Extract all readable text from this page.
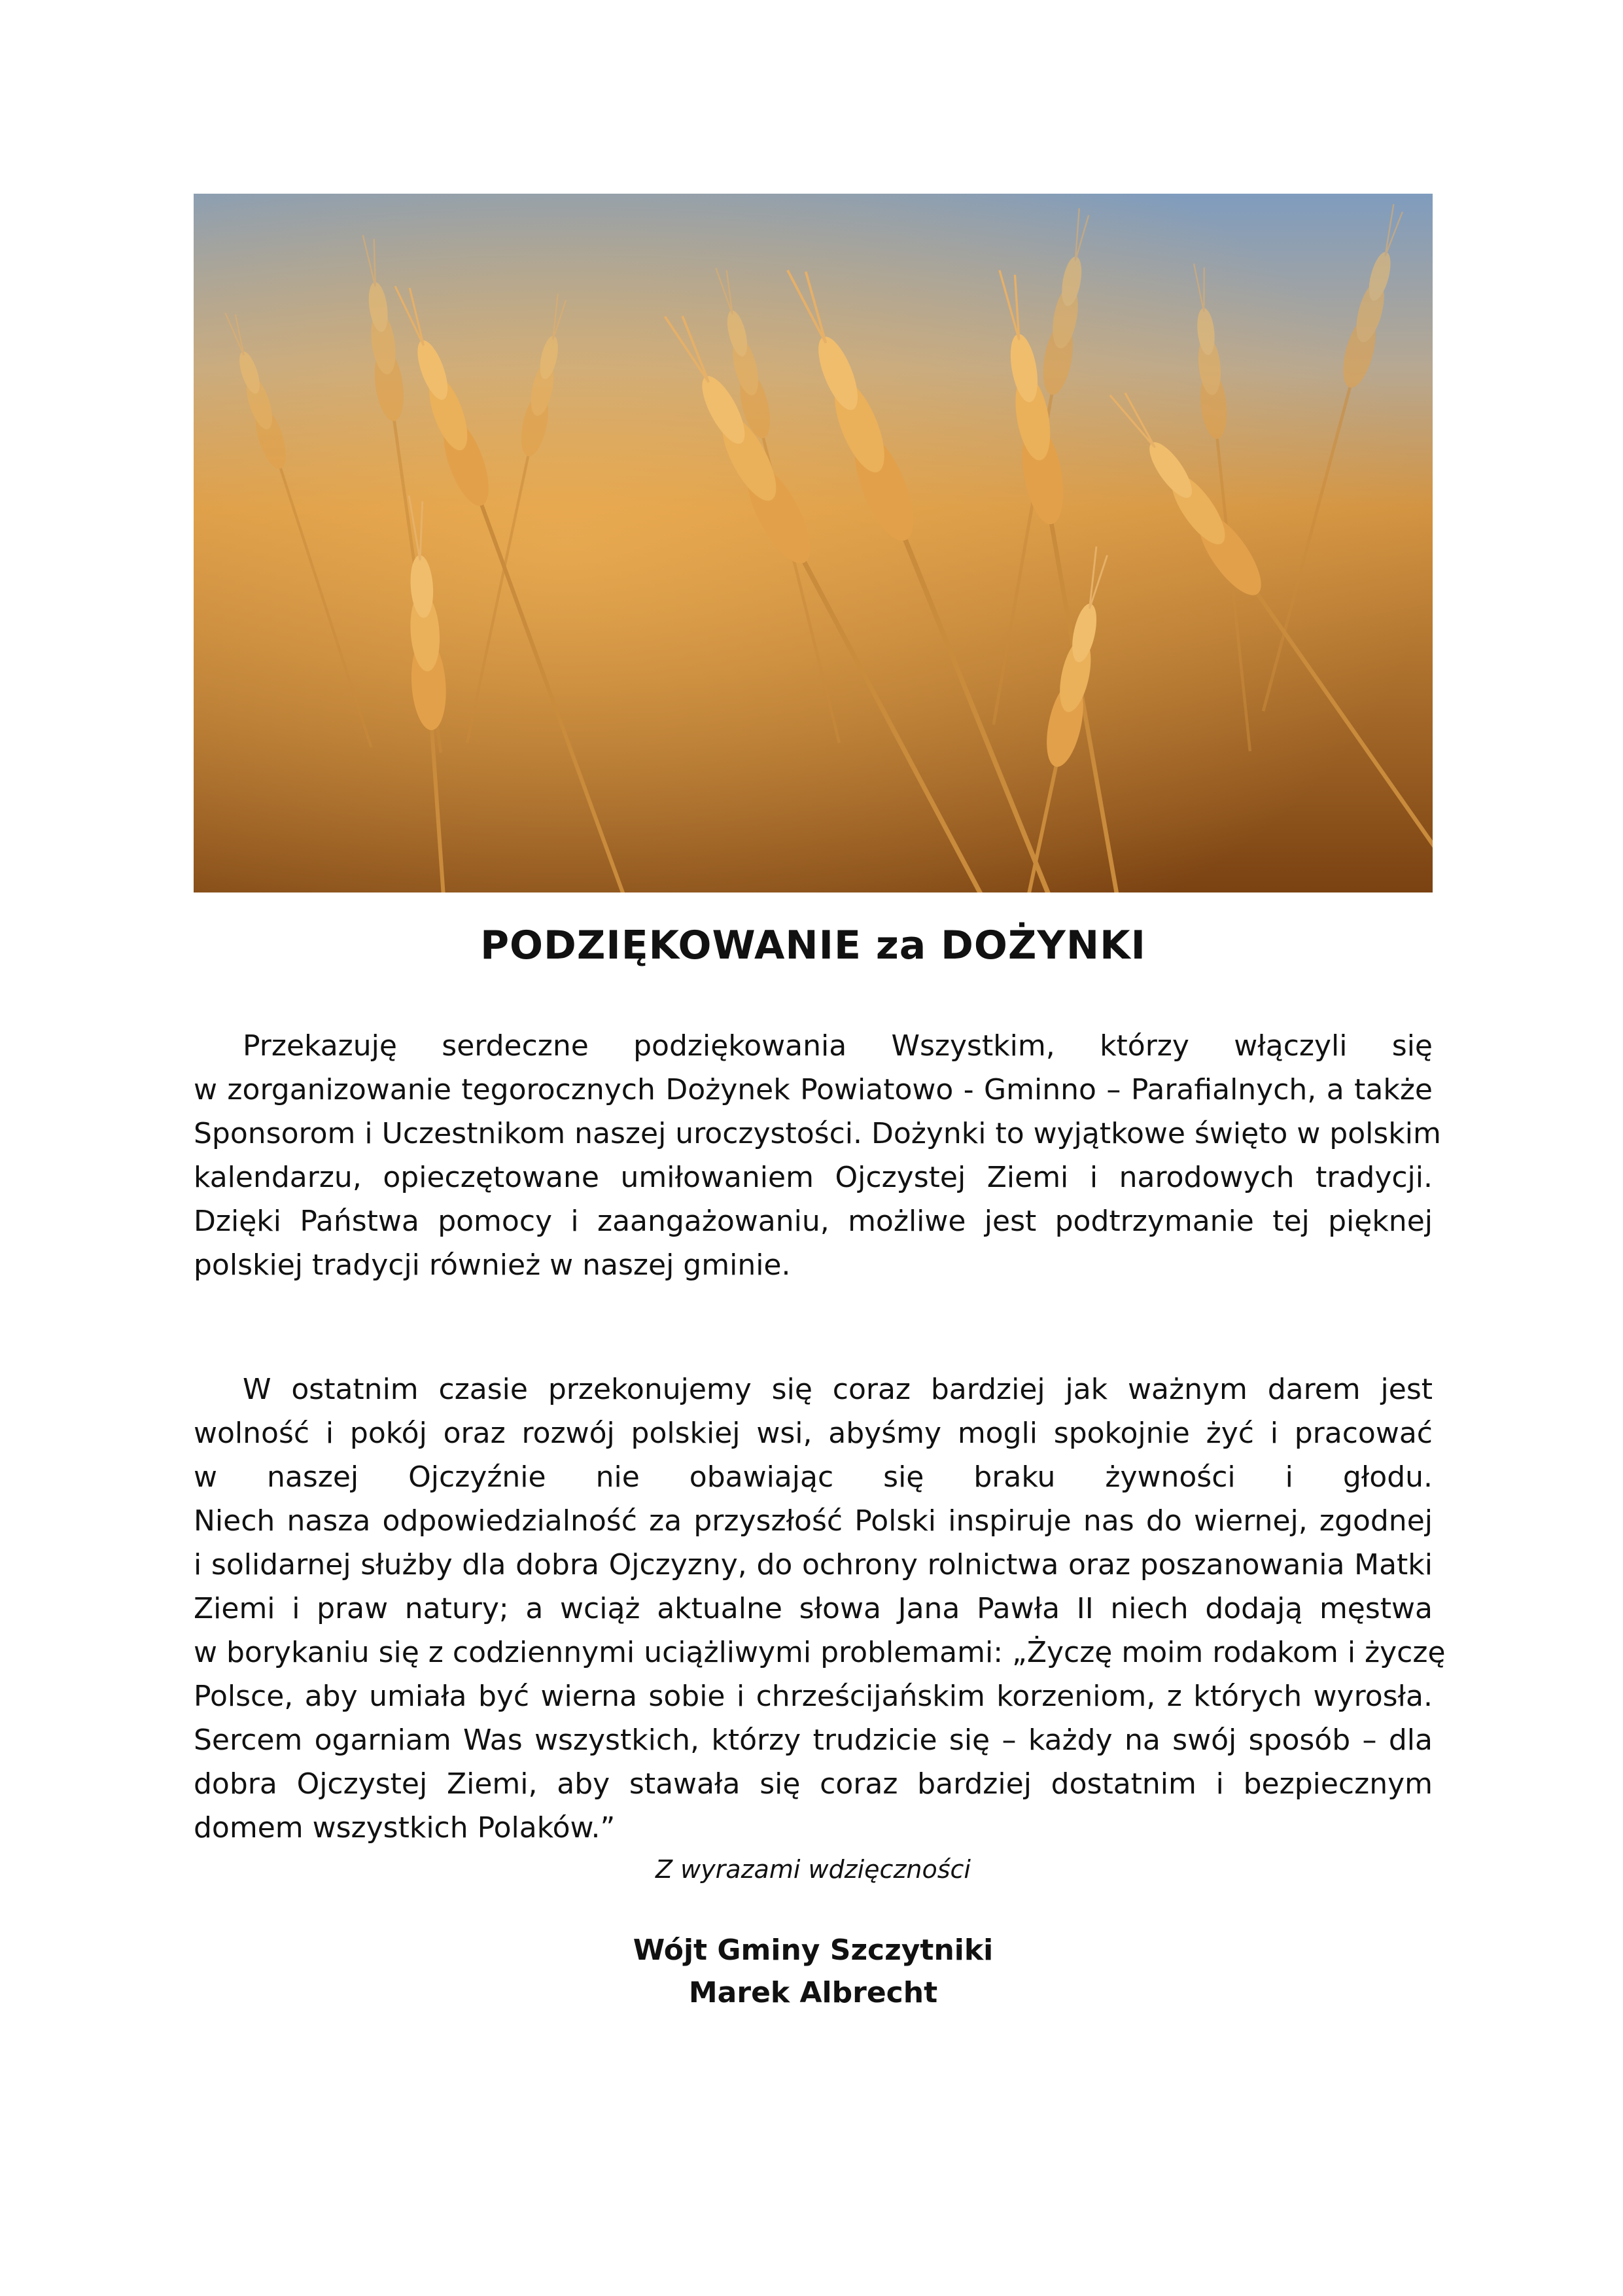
PODZIĘKOWANIE za DOŻYNKI

Przekazuję serdeczne podziękowania Wszystkim, którzy włączyli się
w zorganizowanie tegorocznych Dożynek Powiatowo - Gminno – Parafialnych, a także
Sponsorom i Uczestnikom naszej uroczystości. Dożynki to wyjątkowe święto w polskim
kalendarzu, opieczętowane umiłowaniem Ojczystej Ziemi i narodowych tradycji.
Dzięki Państwa pomocy i zaangażowaniu, możliwe jest podtrzymanie tej pięknej
polskiej tradycji również w naszej gminie.

W ostatnim czasie przekonujemy się coraz bardziej jak ważnym darem jest
wolność i pokój oraz rozwój polskiej wsi, abyśmy mogli spokojnie żyć i pracować
w naszej Ojczyźnie nie obawiając się braku żywności i głodu.
Niech nasza odpowiedzialność za przyszłość Polski inspiruje nas do wiernej, zgodnej
i solidarnej służby dla dobra Ojczyzny, do ochrony rolnictwa oraz poszanowania Matki
Ziemi i praw natury; a wciąż aktualne słowa Jana Pawła II niech dodają męstwa
w borykaniu się z codziennymi uciążliwymi problemami: „Życzę moim rodakom i życzę
Polsce, aby umiała być wierna sobie i chrześcijańskim korzeniom, z których wyrosła.
Sercem ogarniam Was wszystkich, którzy trudzicie się – każdy na swój sposób – dla
dobra Ojczystej Ziemi, aby stawała się coraz bardziej dostatnim i bezpiecznym
domem wszystkich Polaków.”

Z wyrazami wdzięczności
Wójt Gminy Szczytniki
Marek Albrecht
